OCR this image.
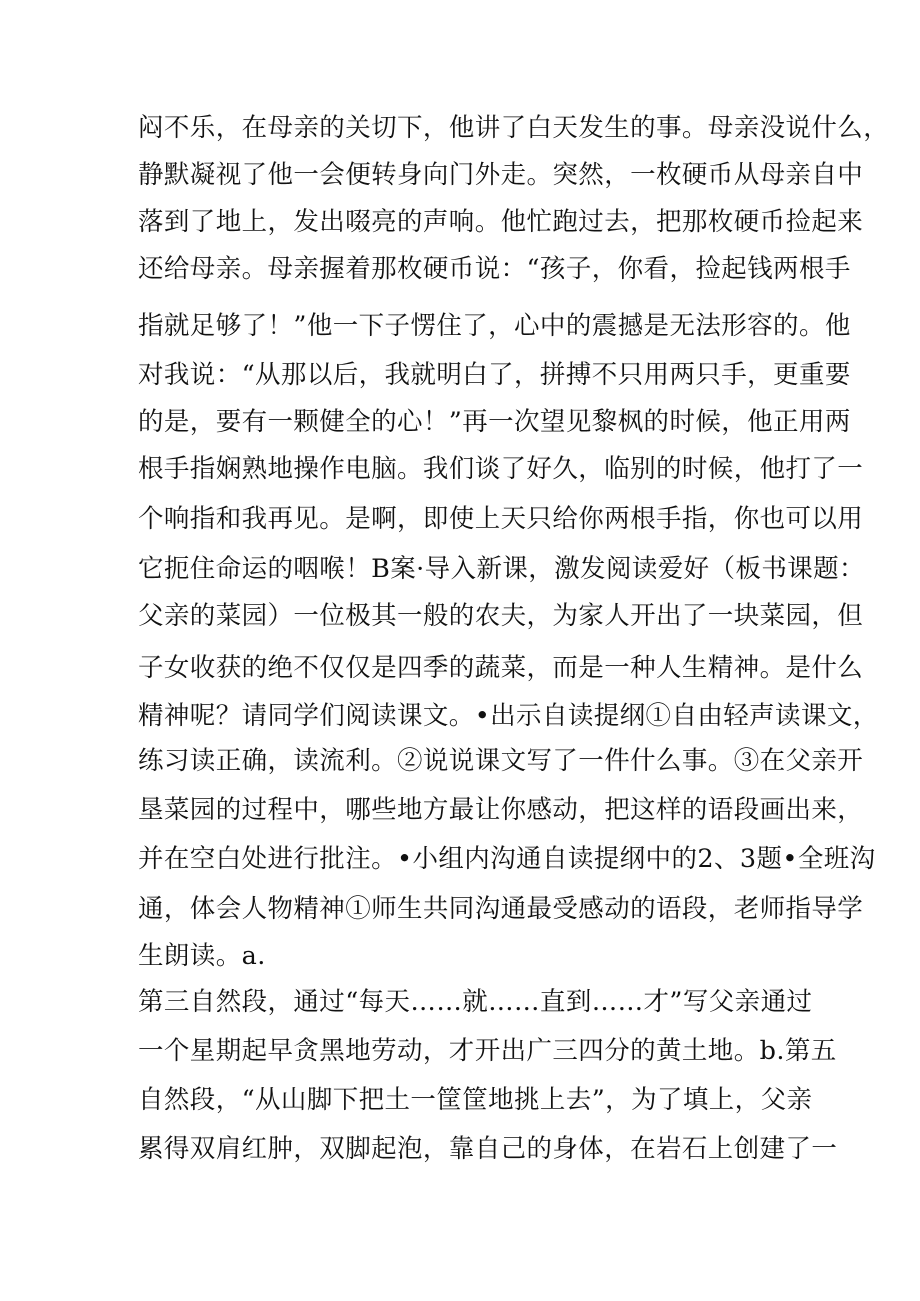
闷不乐，在母亲的关切下，他讲了白天发生的事。母亲没说什么，

静默凝视了他一会便转身向门外走。突然，一枚硬币从母亲自中

落到了地上，发出啜亮的声响。他忙跑过去，把那枚硬币捡起来

还给母亲。母亲握着那枚硬币说：“孩子，你看，捡起钱两根手

指就足够了！”他一下子愣住了，心中的震撼是无法形容的。他

对我说：“从那以后，我就明白了，拼搏不只用两只手，更重要

的是，要有一颗健全的心！”再一次望见黎枫的时候，他正用两

根手指娴熟地操作电脑。我们谈了好久，临别的时候，他打了一

个响指和我再见。是啊，即使上天只给你两根手指，你也可以用

它扼住命运的咽喉！B案·导入新课，激发阅读爱好（板书课题：

父亲的菜园）一位极其一般的农夫，为家人开出了一块菜园，但

子女收获的绝不仅仅是四季的蔬菜，而是一种人生精神。是什么

精神呢？请同学们阅读课文。•出示自读提纲①自由轻声读课文，

练习读正确，读流利。②说说课文写了一件什么事。③在父亲开

垦菜园的过程中，哪些地方最让你感动，把这样的语段画出来，

并在空白处进行批注。•小组内沟通自读提纲中的2、3题•全班沟

通，体会人物精神①师生共同沟通最受感动的语段，老师指导学

生朗读。a.

第三自然段，通过“每天……就……直到……才”写父亲通过

一个星期起早贪黑地劳动，才开出广三四分的黄土地。b.第五

自然段，“从山脚下把土一筐筐地挑上去”，为了填上，父亲

累得双肩红肿，双脚起泡，靠自己的身体，在岩石上创建了一
